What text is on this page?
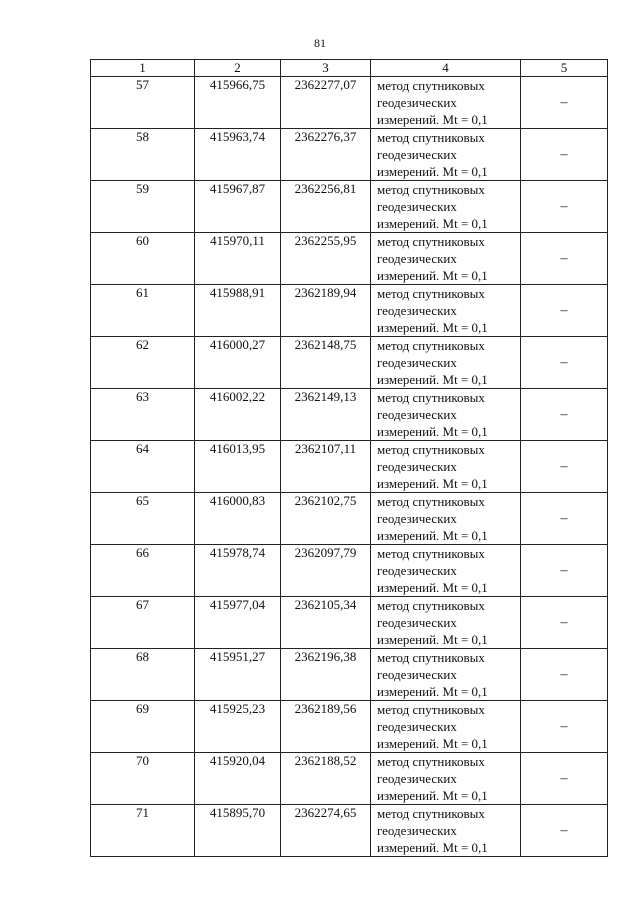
81
1	2	3	4	5
57	415966,75	2362277,07	метод спутниковых
геодезических
измерений. Mt = 0,1	–
58	415963,74	2362276,37	метод спутниковых
геодезических
измерений. Mt = 0,1	–
59	415967,87	2362256,81	метод спутниковых
геодезических
измерений. Mt = 0,1	–
60	415970,11	2362255,95	метод спутниковых
геодезических
измерений. Mt = 0,1	–
61	415988,91	2362189,94	метод спутниковых
геодезических
измерений. Mt = 0,1	–
62	416000,27	2362148,75	метод спутниковых
геодезических
измерений. Mt = 0,1	–
63	416002,22	2362149,13	метод спутниковых
геодезических
измерений. Mt = 0,1	–
64	416013,95	2362107,11	метод спутниковых
геодезических
измерений. Mt = 0,1	–
65	416000,83	2362102,75	метод спутниковых
геодезических
измерений. Mt = 0,1	–
66	415978,74	2362097,79	метод спутниковых
геодезических
измерений. Mt = 0,1	–
67	415977,04	2362105,34	метод спутниковых
геодезических
измерений. Mt = 0,1	–
68	415951,27	2362196,38	метод спутниковых
геодезических
измерений. Mt = 0,1	–
69	415925,23	2362189,56	метод спутниковых
геодезических
измерений. Mt = 0,1	–
70	415920,04	2362188,52	метод спутниковых
геодезических
измерений. Mt = 0,1	–
71	415895,70	2362274,65	метод спутниковых
геодезических
измерений. Mt = 0,1	–
